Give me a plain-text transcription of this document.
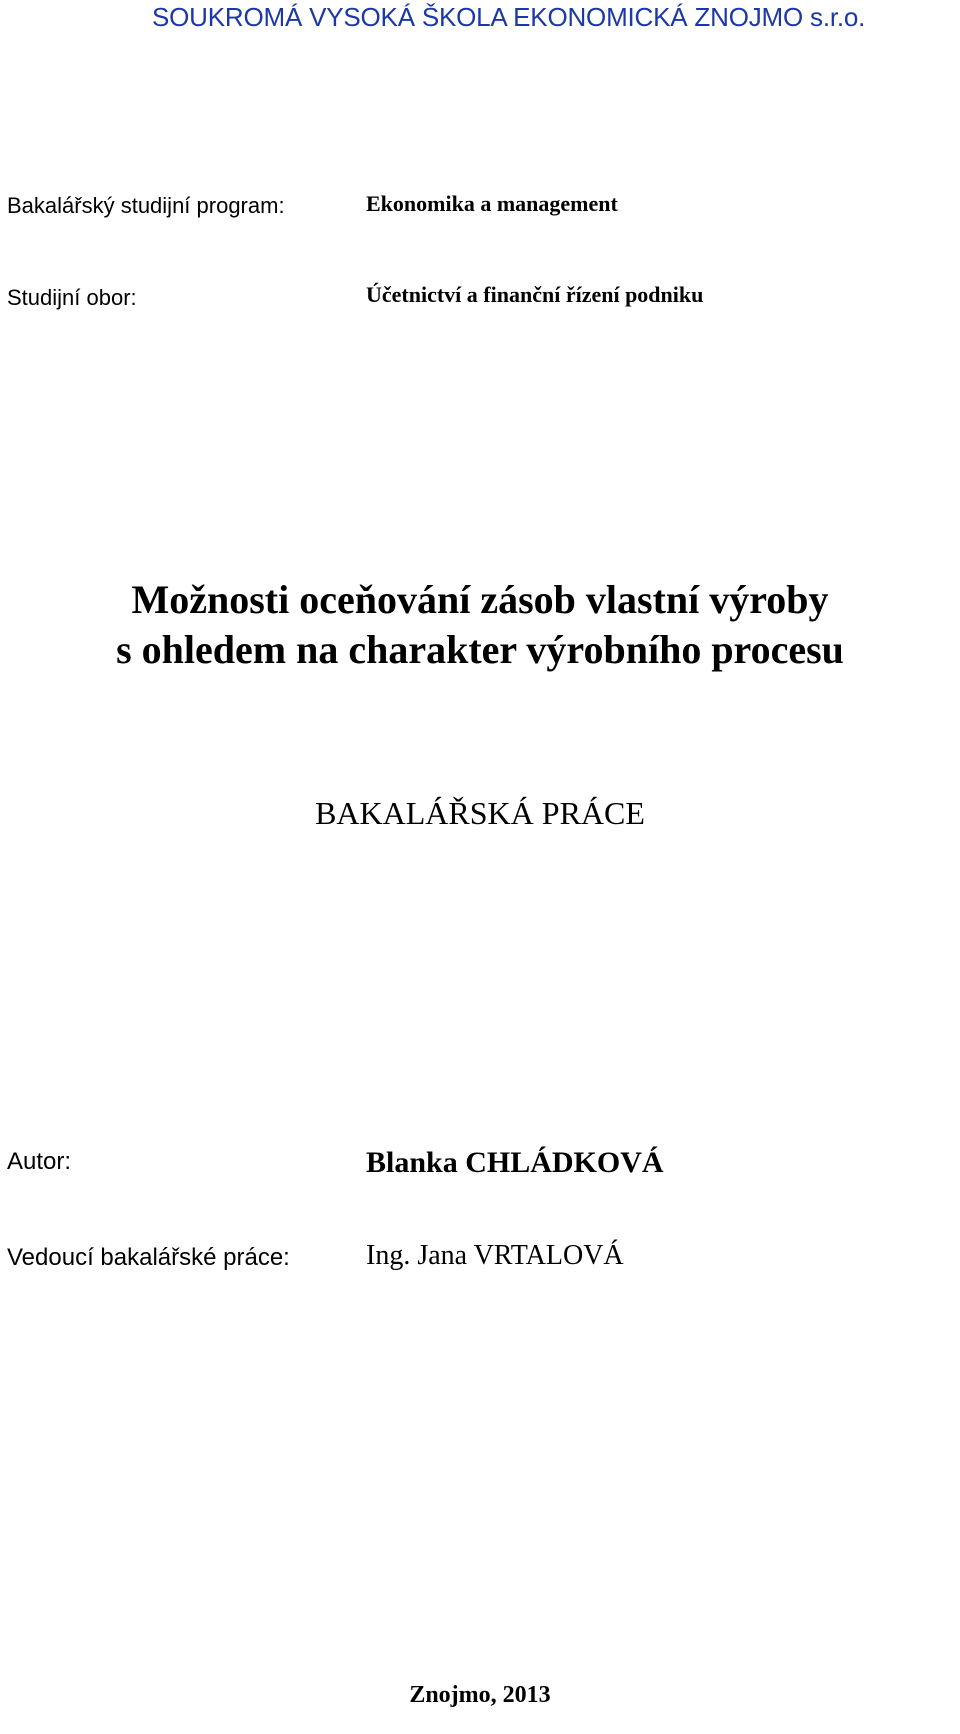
SOUKROMÁ VYSOKÁ ŠKOLA EKONOMICKÁ ZNOJMO s.r.o.
Bakalářský studijní program:	Ekonomika a management
Studijní obor:	Účetnictví a finanční řízení podniku
Možnosti oceňování zásob vlastní výroby
s ohledem na charakter výrobního procesu
BAKALÁŘSKÁ PRÁCE
Autor:	Blanka CHLÁDKOVÁ
Vedoucí bakalářské práce:	Ing. Jana VRTALOVÁ
Znojmo, 2013
